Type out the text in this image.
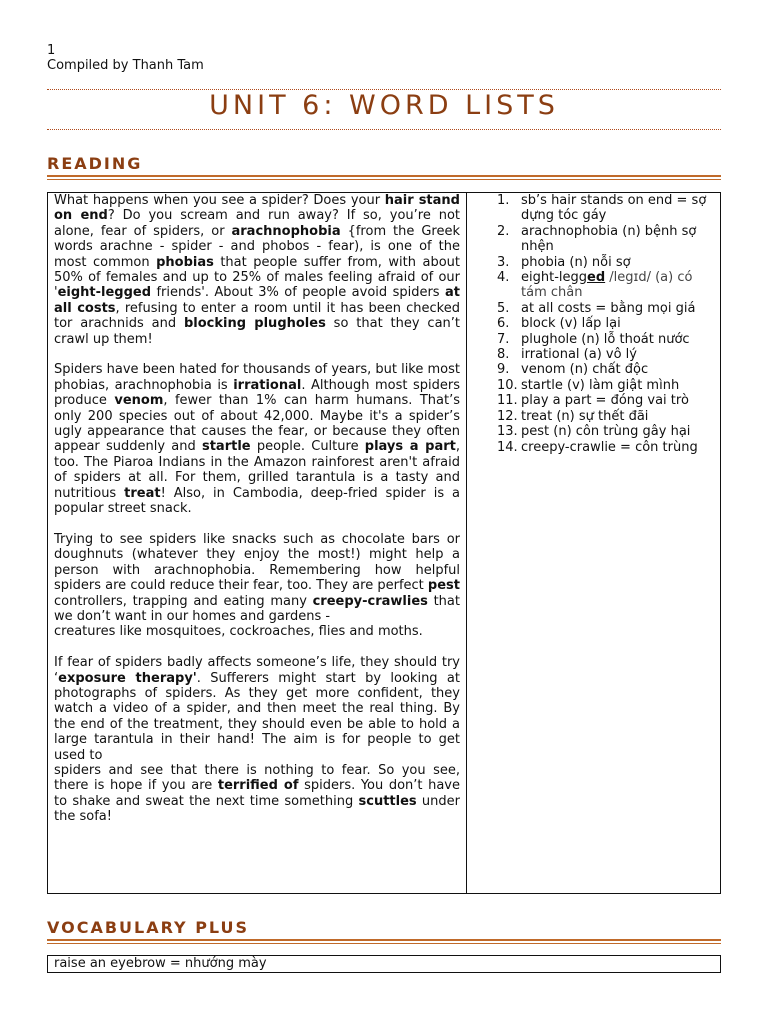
1
Compiled by Thanh Tam
UNIT 6: WORD LISTS
READING

What happens when you see a spider? Does your hair stand on end? Do you scream and run away? If so, you’re not alone, fear of spiders, or arachnophobia {from the Greek words arachne - spider - and phobos - fear), is one of the most common phobias that people suffer from, with about 50% of females and up to 25% of males feeling afraid of our 'eight-legged friends'. About 3% of people avoid spiders at all costs, refusing to enter a room until it has been checked tor arachnids and blocking plugholes so that they can’t crawl up them!

Spiders have been hated for thousands of years, but like most phobias, arachnophobia is irrational. Although most spiders produce venom, fewer than 1% can harm humans. That’s only 200 species out of about 42,000. Maybe it's a spider’s ugly appearance that causes the fear, or because they often appear suddenly and startle people. Culture plays a part, too. The Piaroa Indians in the Amazon rainforest aren't afraid of spiders at all. For them, grilled tarantula is a tasty and nutritious treat! Also, in Cambodia, deep-fried spider is a popular street snack.

Trying to see spiders like snacks such as chocolate bars or doughnuts (whatever they enjoy the most!) might help a person with arachnophobia. Remembering how helpful spiders are could reduce their fear, too. They are perfect pest controllers, trapping and eating many creepy-crawlies that we don’t want in our homes and gardens -
creatures like mosquitoes, cockroaches, flies and moths.

If fear of spiders badly affects someone’s life, they should try ‘exposure therapy'. Sufferers might start by looking at photographs of spiders. As they get more confident, they watch a video of a spider, and then meet the real thing. By the end of the treatment, they should even be able to hold a large tarantula in their hand! The aim is for people to get used to
spiders and see that there is nothing to fear. So you see, there is hope if you are terrified of spiders. You don’t have to shake and sweat the next time something scuttles under the sofa!

1. sb’s hair stands on end = sợ dựng tóc gáy
2. arachnophobia (n) bệnh sợ nhện
3. phobia (n) nỗi sợ
4. eight-legged /legɪd/ (a) có tám chân
5. at all costs = bằng mọi giá
6. block (v) lấp lại
7. plughole (n) lỗ thoát nước
8. irrational (a) vô lý
9. venom (n) chất độc
10. startle (v) làm giật mình
11. play a part = đóng vai trò
12. treat (n) sự thết đãi
13. pest (n) côn trùng gây hại
14. creepy-crawlie = côn trùng
VOCABULARY PLUS
raise an eyebrow = nhướng mày
